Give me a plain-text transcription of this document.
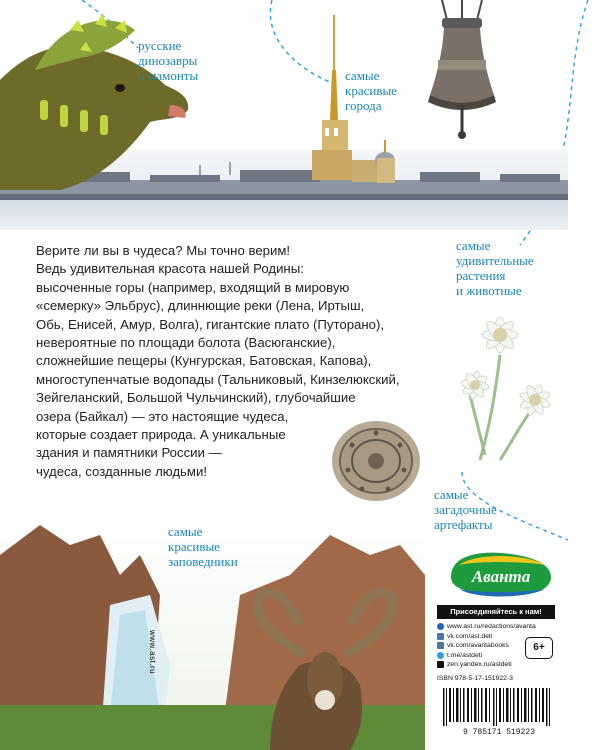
русские
динозавры
и мамонты	самые
красивые
города
самые
удивительные
растения
и животные
самые
загадочные
артефакты
самые
красивые
заповедники
Верите ли вы в чудеса? Мы точно верим!
Ведь удивительная красота нашей Родины:
высоченные горы (например, входящий в мировую
«семерку» Эльбрус), длиннющие реки (Лена, Иртыш,
Обь, Енисей, Амур, Волга), гигантские плато (Путорано),
невероятные по площади болота (Васюганские),
сложнейшие пещеры (Кунгурская, Батовская, Капова),
многоступенчатые водопады (Тальниковый, Кинзелюкский,
Зейгеланский, Большой Чульчинский), глубочайшие
озера (Байкал) — это настоящие чудеса,
которые создает природа. А уникальные
здания и памятники России —
чудеса, созданные людьми!
Аванта
Присоединяйтесь к нам!
www.ast.ru/redactions/avanta
vk.com/ast.deti
vk.com/avantabooks
t.me/astdeti
zen.yandex.ru/astdeti
6+
ISBN 978-5-17-151922-3
9 785171 519223
www.ast.ru
